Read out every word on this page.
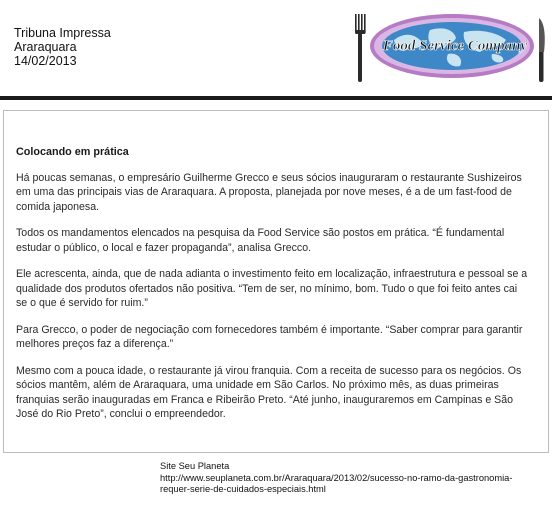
Tribuna Impressa
Araraquara
14/02/2013
Food Service Company
Colocando em prática

Há poucas semanas, o empresário Guilherme Grecco e seus sócios inauguraram o restaurante Sushizeiros em uma das principais vias de Araraquara. A proposta, planejada por nove meses, é a de um fast-food de comida japonesa.

Todos os mandamentos elencados na pesquisa da Food Service são postos em prática. “É fundamental estudar o público, o local e fazer propaganda”, analisa Grecco.

Ele acrescenta, ainda, que de nada adianta o investimento feito em localização, infraestrutura e pessoal se a qualidade dos produtos ofertados não positiva. “Tem de ser, no mínimo, bom. Tudo o que foi feito antes cai se o que é servido for ruim.”

Para Grecco, o poder de negociação com fornecedores também é importante. “Saber comprar para garantir melhores preços faz a diferença.”

Mesmo com a pouca idade, o restaurante já virou franquia. Com a receita de sucesso para os negócios. Os sócios mantêm, além de Araraquara, uma unidade em São Carlos. No próximo mês, as duas primeiras franquias serão inauguradas em Franca e Ribeirão Preto. “Até junho, inauguraremos em Campinas e São José do Rio Preto”, conclui o empreendedor.

Site Seu Planeta
http://www.seuplaneta.com.br/Araraquara/2013/02/sucesso-no-ramo-da-gastronomia-
requer-serie-de-cuidados-especiais.html
